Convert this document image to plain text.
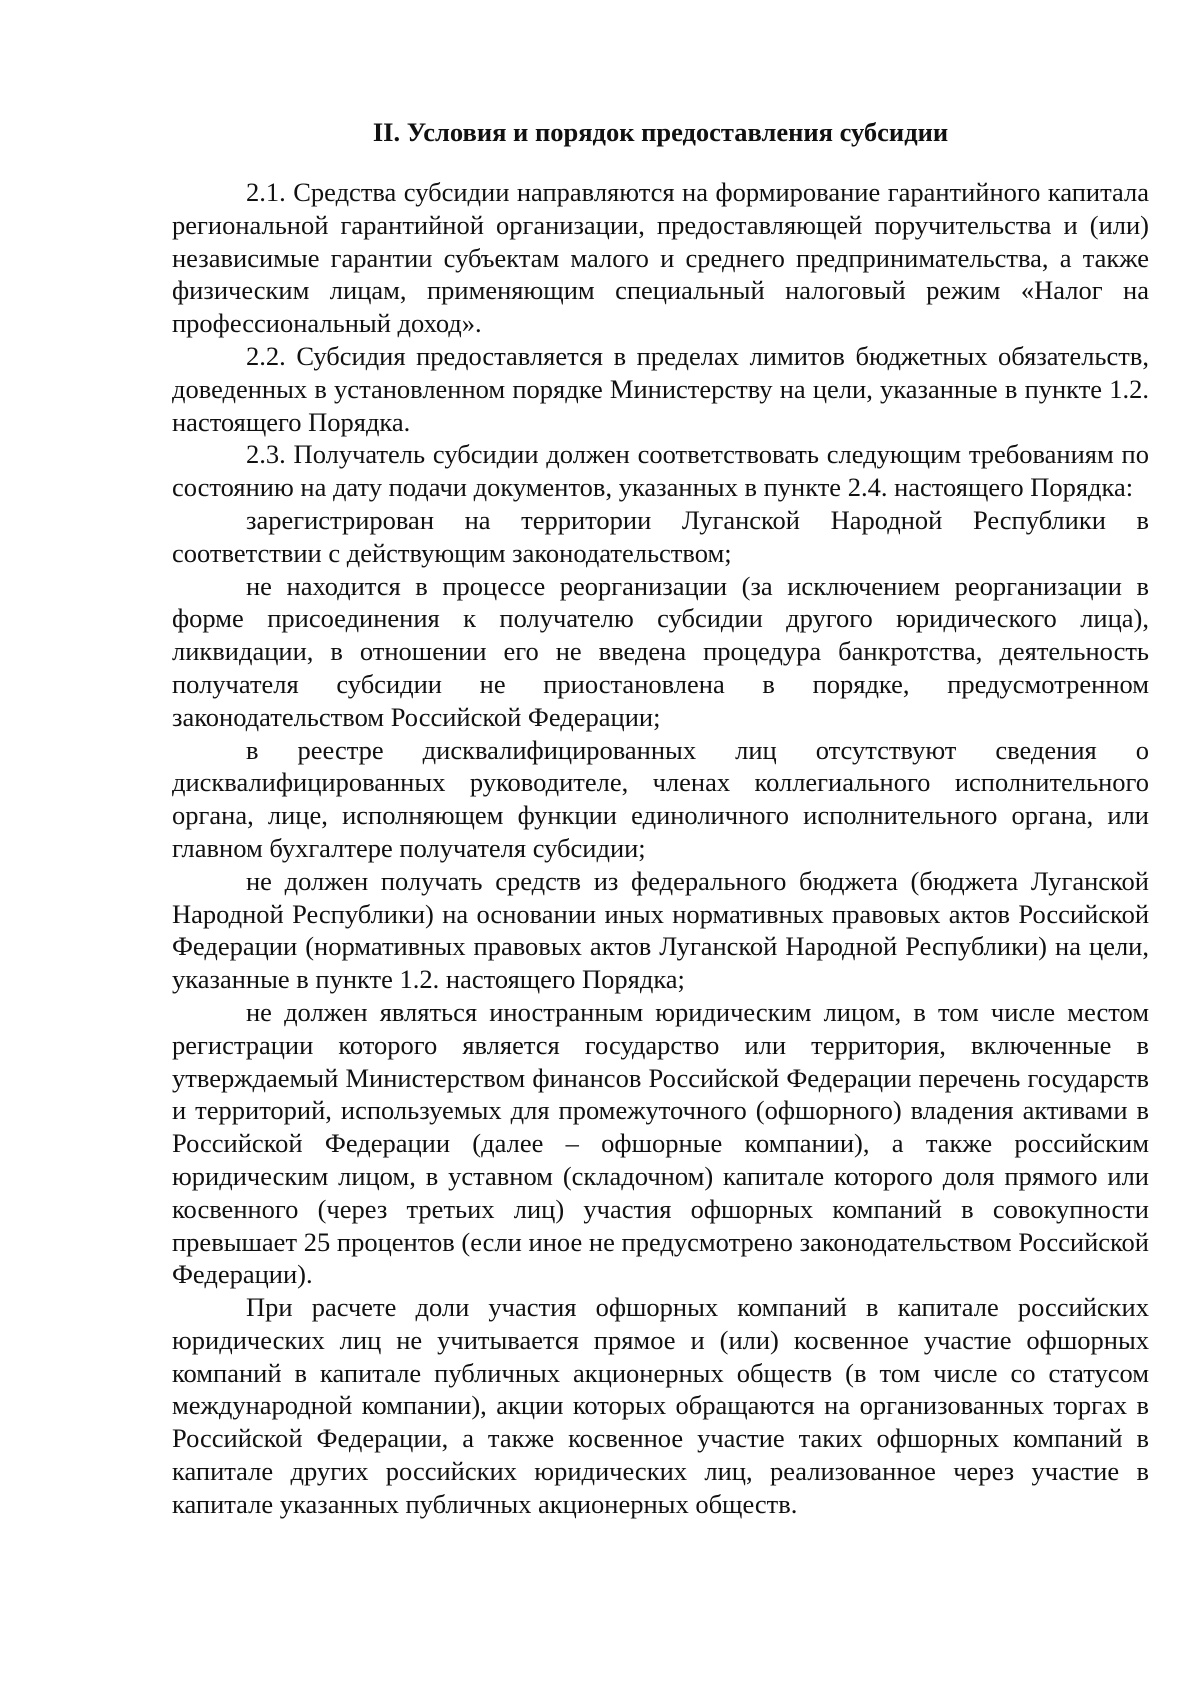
II. Условия и порядок предоставления субсидии

2.1. Средства субсидии направляются на формирование гарантийного капитала региональной гарантийной организации, предоставляющей поручительства и (или) независимые гарантии субъектам малого и среднего предпринимательства, а также физическим лицам, применяющим специальный налоговый режим «Налог на профессиональный доход».

2.2. Субсидия предоставляется в пределах лимитов бюджетных обязательств, доведенных в установленном порядке Министерству на цели, указанные в пункте 1.2. настоящего Порядка.

2.3. Получатель субсидии должен соответствовать следующим требованиям по состоянию на дату подачи документов, указанных в пункте 2.4. настоящего Порядка:

зарегистрирован на территории Луганской Народной Республики в соответствии с действующим законодательством;

не находится в процессе реорганизации (за исключением реорганизации в форме присоединения к получателю субсидии другого юридического лица), ликвидации, в отношении его не введена процедура банкротства, деятельность получателя субсидии не приостановлена в порядке, предусмотренном законодательством Российской Федерации;

в реестре дисквалифицированных лиц отсутствуют сведения о дисквалифицированных руководителе, членах коллегиального исполнительного органа, лице, исполняющем функции единоличного исполнительного органа, или главном бухгалтере получателя субсидии;

не должен получать средств из федерального бюджета (бюджета Луганской Народной Республики) на основании иных нормативных правовых актов Российской Федерации (нормативных правовых актов Луганской Народной Республики) на цели, указанные в пункте 1.2. настоящего Порядка;

не должен являться иностранным юридическим лицом, в том числе местом регистрации которого является государство или территория, включенные в утверждаемый Министерством финансов Российской Федерации перечень государств и территорий, используемых для промежуточного (офшорного) владения активами в Российской Федерации (далее – офшорные компании), а также российским юридическим лицом, в уставном (складочном) капитале которого доля прямого или косвенного (через третьих лиц) участия офшорных компаний в совокупности превышает 25 процентов (если иное не предусмотрено законодательством Российской Федерации).

При расчете доли участия офшорных компаний в капитале российских юридических лиц не учитывается прямое и (или) косвенное участие офшорных компаний в капитале публичных акционерных обществ (в том числе со статусом международной компании), акции которых обращаются на организованных торгах в Российской Федерации, а также косвенное участие таких офшорных компаний в капитале других российских юридических лиц, реализованное через участие в капитале указанных публичных акционерных обществ.
